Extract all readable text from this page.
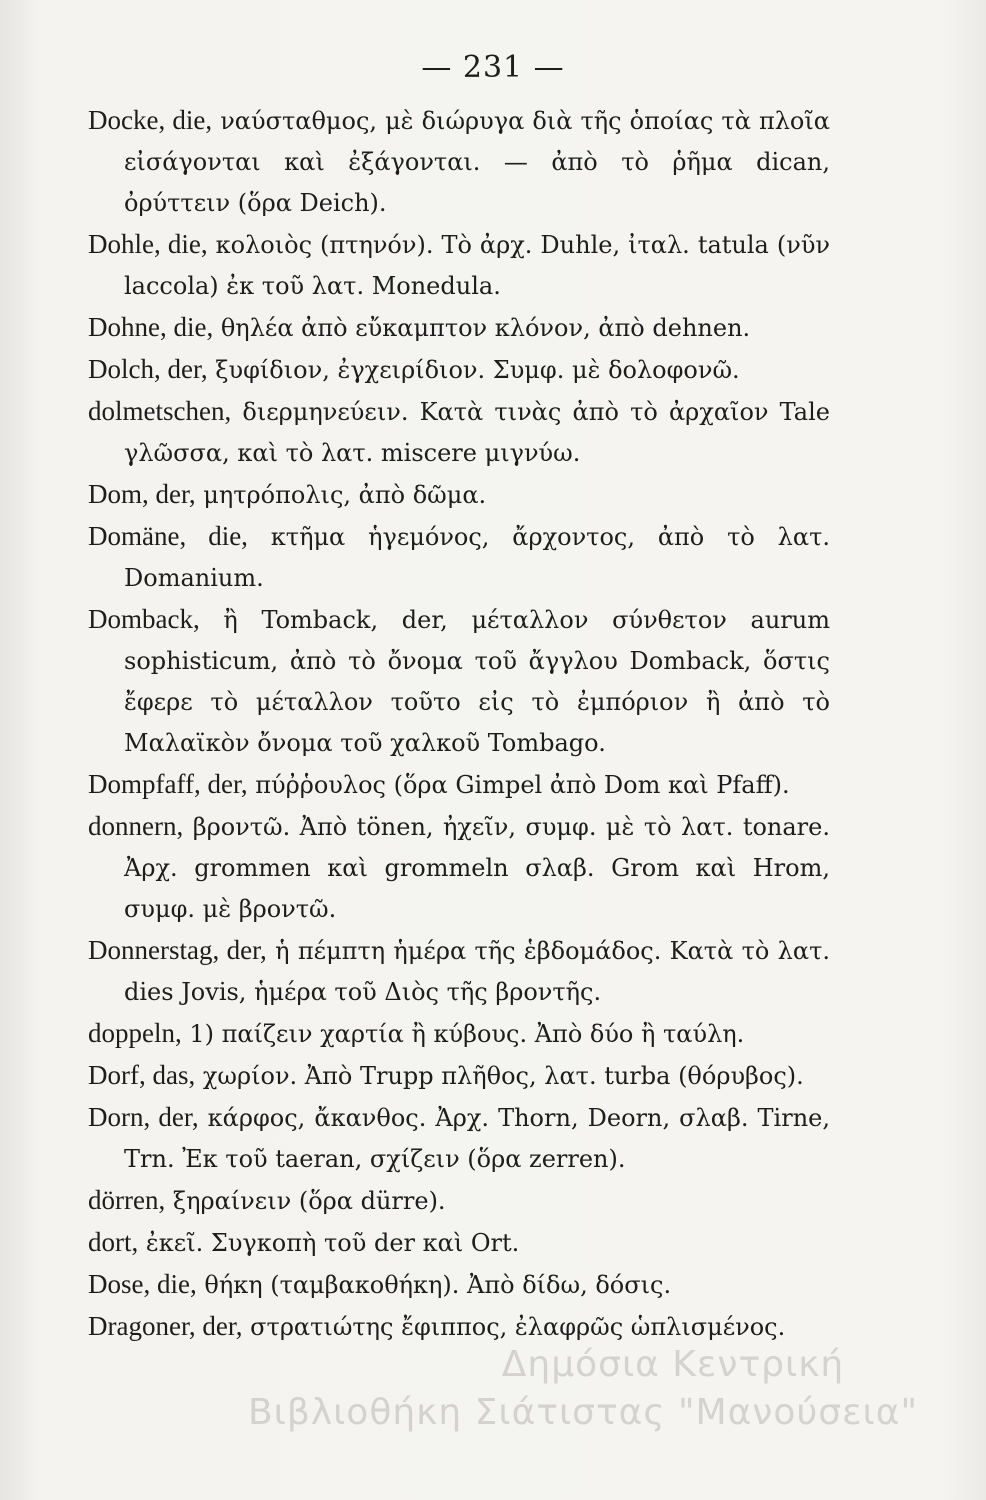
— 231 —
Docke, die, ναύσταθμος, μὲ διώρυγα διὰ τῆς ὁποίας τὰ πλοῖα εἰσάγονται καὶ ἐξάγονται. — ἀπὸ τὸ ῥῆμα dican, ὀρύττειν (ὅρα Deich).
Dohle, die, κολοιὸς (πτηνόν). Τὸ ἀρχ. Duhle, ἰταλ. tatula (νῦν laccola) ἐκ τοῦ λατ. Monedula.
Dohne, die, θηλέα ἀπὸ εὔκαμπτον κλόνον, ἀπὸ dehnen.
Dolch, der, ξυφίδιον, ἐγχειρίδιον. Συμφ. μὲ δολοφονῶ.
dolmetschen, διερμηνεύειν. Κατὰ τινὰς ἀπὸ τὸ ἀρχαῖον Tale γλῶσσα, καὶ τὸ λατ. miscere μιγνύω.
Dom, der, μητρόπολις, ἀπὸ δῶμα.
Domäne, die, κτῆμα ἡγεμόνος, ἄρχοντος, ἀπὸ τὸ λατ. Domanium.
Domback, ἢ Tomback, der, μέταλλον σύνθετον aurum sophisticum, ἀπὸ τὸ ὄνομα τοῦ ἄγγλου Domback, ὅστις ἔφερε τὸ μέταλλον τοῦτο εἰς τὸ ἐμπόριον ἢ ἀπὸ τὸ Μαλαϊκὸν ὄνομα τοῦ χαλκοῦ Tombago.
Dompfaff, der, πύῤῥουλος (ὅρα Gimpel ἀπὸ Dom καὶ Pfaff).
donnern, βροντῶ. Ἀπὸ tönen, ἠχεῖν, συμφ. μὲ τὸ λατ. tonare. Ἀρχ. grommen καὶ grommeln σλαβ. Grom καὶ Hrom, συμφ. μὲ βροντῶ.
Donnerstag, der, ἡ πέμπτη ἡμέρα τῆς ἑβδομάδος. Κατὰ τὸ λατ. dies Jovis, ἡμέρα τοῦ Διὸς τῆς βροντῆς.
doppeln, 1) παίζειν χαρτία ἢ κύβους. Ἀπὸ δύο ἢ ταύλη.
Dorf, das, χωρίον. Ἀπὸ Trupp πλῆθος, λατ. turba (θόρυβος).
Dorn, der, κάρφος, ἄκανθος. Ἀρχ. Thorn, Deorn, σλαβ. Tirne, Trn. Ἐκ τοῦ taeran, σχίζειν (ὅρα zerren).
dörren, ξηραίνειν (ὅρα dürre).
dort, ἐκεῖ. Συγκοπὴ τοῦ der καὶ Ort.
Dose, die, θήκη (ταμβακοθήκη). Ἀπὸ δίδω, δόσις.
Dragoner, der, στρατιώτης ἔφιππος, ἐλαφρῶς ὡπλισμένος.
Δημόσια Κεντρική
Βιβλιοθήκη Σιάτιστας "Μανούσεια"
